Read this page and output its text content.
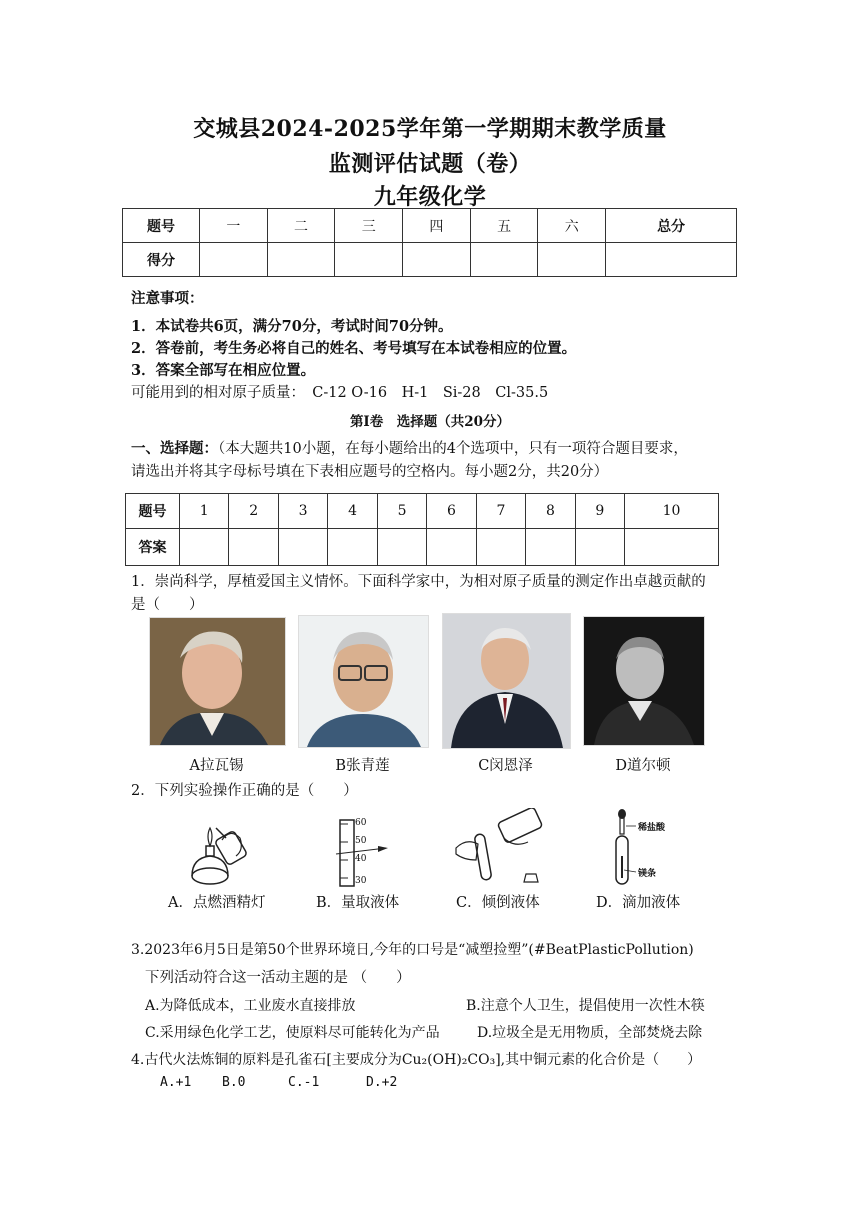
交城县2024-2025学年第一学期期末教学质量
监测评估试题（卷）
九年级化学
题号	一	二	三	四	五	六	总分
得分							
注意事项：
1．本试卷共6页，满分70分，考试时间70分钟。
2．答卷前，考生务必将自己的姓名、考号填写在本试卷相应的位置。
3．答案全部写在相应位置。
可能用到的相对原子质量：　C-12 O-16　H-1　Si-28　Cl-35.5
第Ⅰ卷　选择题（共20分）
一、选择题：（本大题共10小题，在每小题给出的4个选项中，只有一项符合题目要求，
请选出并将其字母标号填在下表相应题号的空格内。每小题2分，共20分）
题号	1	2	3	4	5	6	7	8	9	10
答案										
1．崇尚科学，厚植爱国主义情怀。下面科学家中，为相对原子质量的测定作出卓越贡献的
是（　　）
A拉瓦锡	B张青莲	C闵恩泽	D道尔顿
2．下列实验操作正确的是（　　）
60
50
40
30
稀盐酸
镁条
A．点燃酒精灯	B．量取液体	C．倾倒液体	D．滴加液体
3.2023年6月5日是第50个世界环境日,今年的口号是“减塑捡塑”(#BeatPlasticPollution)
下列活动符合这一活动主题的是 （　　）
A.为降低成本，工业废水直接排放	B.注意个人卫生，提倡使用一次性木筷
C.采用绿色化学工艺，使原料尽可能转化为产品	D.垃圾全是无用物质，全部焚烧去除
4.古代火法炼铜的原料是孔雀石[主要成分为Cu₂(OH)₂CO₃],其中铜元素的化合价是（　　）
A.+1 B.0	C.-1	D.+2
